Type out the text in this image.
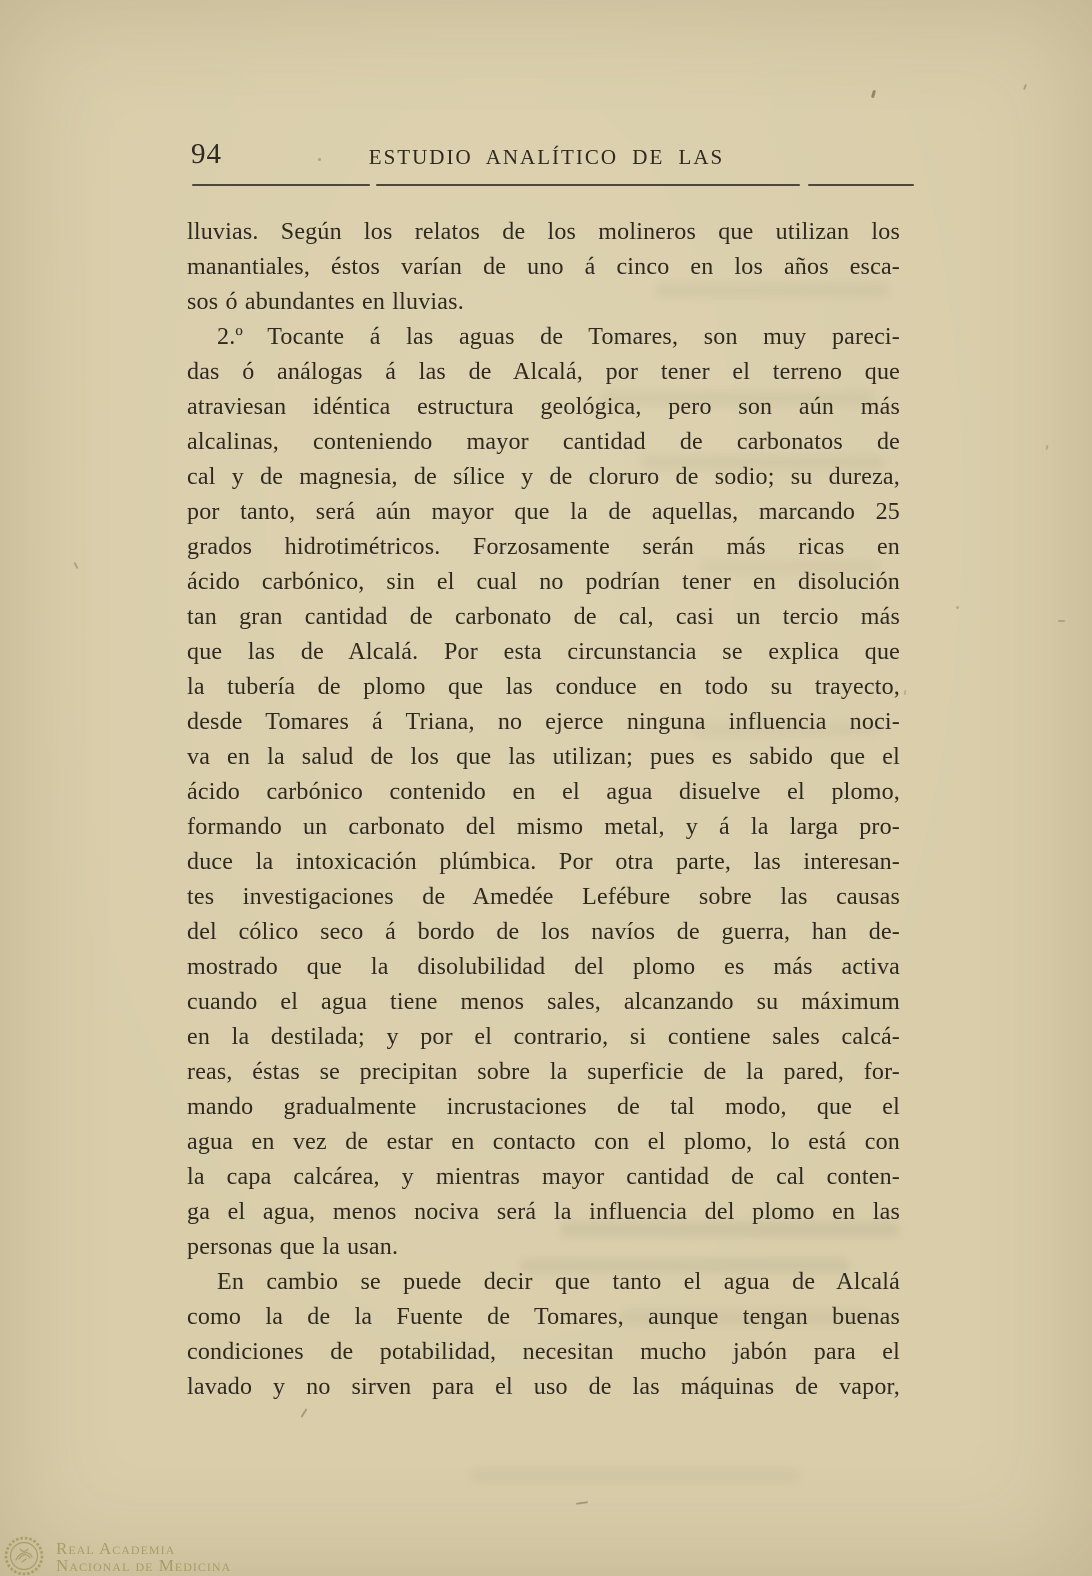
94	ESTUDIO ANALÍTICO DE LAS
lluvias. Según los relatos de los molineros que utilizan los
manantiales, éstos varían de uno á cinco en los años esca-
sos ó abundantes en lluvias.
2.º Tocante á las aguas de Tomares, son muy pareci-
das ó análogas á las de Alcalá, por tener el terreno que
atraviesan idéntica estructura geológica, pero son aún más
alcalinas, conteniendo mayor cantidad de carbonatos de
cal y de magnesia, de sílice y de cloruro de sodio; su dureza,
por tanto, será aún mayor que la de aquellas, marcando 25
grados hidrotimétricos. Forzosamente serán más ricas en
ácido carbónico, sin el cual no podrían tener en disolución
tan gran cantidad de carbonato de cal, casi un tercio más
que las de Alcalá. Por esta circunstancia se explica que
la tubería de plomo que las conduce en todo su trayecto,
desde Tomares á Triana, no ejerce ninguna influencia noci-
va en la salud de los que las utilizan; pues es sabido que el
ácido carbónico contenido en el agua disuelve el plomo,
formando un carbonato del mismo metal, y á la larga pro-
duce la intoxicación plúmbica. Por otra parte, las interesan-
tes investigaciones de Amedée Lefébure sobre las causas
del cólico seco á bordo de los navíos de guerra, han de-
mostrado que la disolubilidad del plomo es más activa
cuando el agua tiene menos sales, alcanzando su máximum
en la destilada; y por el contrario, si contiene sales calcá-
reas, éstas se precipitan sobre la superficie de la pared, for-
mando gradualmente incrustaciones de tal modo, que el
agua en vez de estar en contacto con el plomo, lo está con
la capa calcárea, y mientras mayor cantidad de cal conten-
ga el agua, menos nociva será la influencia del plomo en las
personas que la usan.
En cambio se puede decir que tanto el agua de Alcalá
como la de la Fuente de Tomares, aunque tengan buenas
condiciones de potabilidad, necesitan mucho jabón para el
lavado y no sirven para el uso de las máquinas de vapor,
Real Academia
Nacional de Medicina
